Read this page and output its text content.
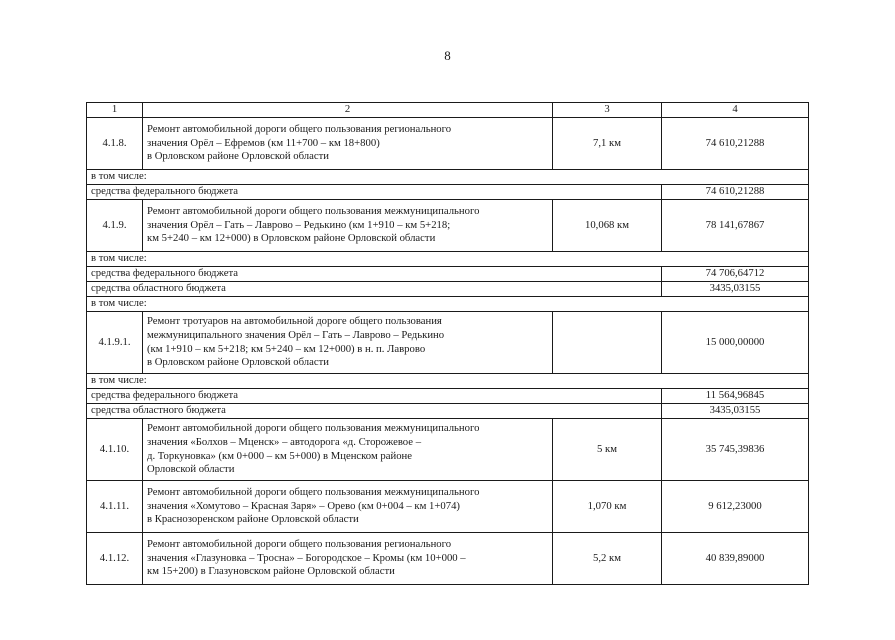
8
1	2	3	4
4.1.8.	Ремонт автомобильной дороги общего пользования регионального
значения Орёл – Ефремов (км 11+700 – км 18+800)
в Орловском районе Орловской области	7,1 км	74 610,21288
в том числе:			
средства федерального бюджета			74 610,21288
4.1.9.	Ремонт автомобильной дороги общего пользования межмуниципального
значения Орёл – Гать – Лаврово – Редькино (км 1+910 – км 5+218;
км 5+240 – км 12+000) в Орловском районе Орловской области	10,068 км	78 141,67867
в том числе:			
средства федерального бюджета			74 706,64712
средства областного бюджета			3435,03155
в том числе:			
4.1.9.1.	Ремонт тротуаров на автомобильной дороге общего пользования
межмуниципального значения Орёл – Гать – Лаврово – Редькино
(км 1+910 – км 5+218; км 5+240 – км 12+000) в н. п. Лаврово
в Орловском районе Орловской области		15 000,00000
в том числе:			
средства федерального бюджета			11 564,96845
средства областного бюджета			3435,03155
4.1.10.	Ремонт автомобильной дороги общего пользования межмуниципального
значения «Болхов – Мценск» – автодорога «д. Сторожевое –
д. Торкуновка» (км 0+000 – км 5+000) в Мценском районе
Орловской области	5 км	35 745,39836
4.1.11.	Ремонт автомобильной дороги общего пользования межмуниципального
значения «Хомутово – Красная Заря» – Орево (км 0+004 – км 1+074)
в Краснозоренском районе Орловской области	1,070 км	9 612,23000
4.1.12.	Ремонт автомобильной дороги общего пользования регионального
значения «Глазуновка – Тросна» – Богородское – Кромы (км 10+000 –
км 15+200) в Глазуновском районе Орловской области	5,2 км	40 839,89000
